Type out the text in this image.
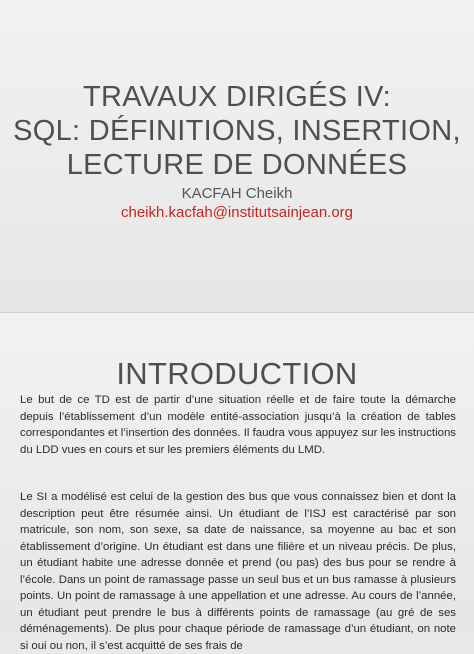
TRAVAUX DIRIGÉS IV:
SQL: DÉFINITIONS, INSERTION,
LECTURE DE DONNÉES
KACFAH Cheikh
cheikh.kacfah@institutsainjean.org
INTRODUCTION

Le but de ce TD est de partir d’une situation réelle et de faire toute la démarche depuis l’établissement d’un modèle entité-association jusqu’à la création de tables correspondantes et l’insertion des données. Il faudra vous appuyez sur les instructions du LDD vues en cours et sur les premiers éléments du LMD.

Le SI a modélisé est celui de la gestion des bus que vous connaissez bien et dont la description peut être résumée ainsi. Un étudiant de l’ISJ est caractérisé par son matricule, son nom, son sexe, sa date de naissance, sa moyenne au bac et son établissement d’origine. Un étudiant est dans une filière et un niveau précis. De plus, un étudiant habite une adresse donnée et prend (ou pas) des bus pour se rendre à l’école. Dans un point de ramassage passe un seul bus et un bus ramasse à plusieurs points. Un point de ramassage à une appellation et une adresse. Au cours de l’année, un étudiant peut prendre le bus à différents points de ramassage (au gré de ses déménagements). De plus pour chaque période de ramassage d’un étudiant, on note si oui ou non, il s’est acquitté de ses frais de
